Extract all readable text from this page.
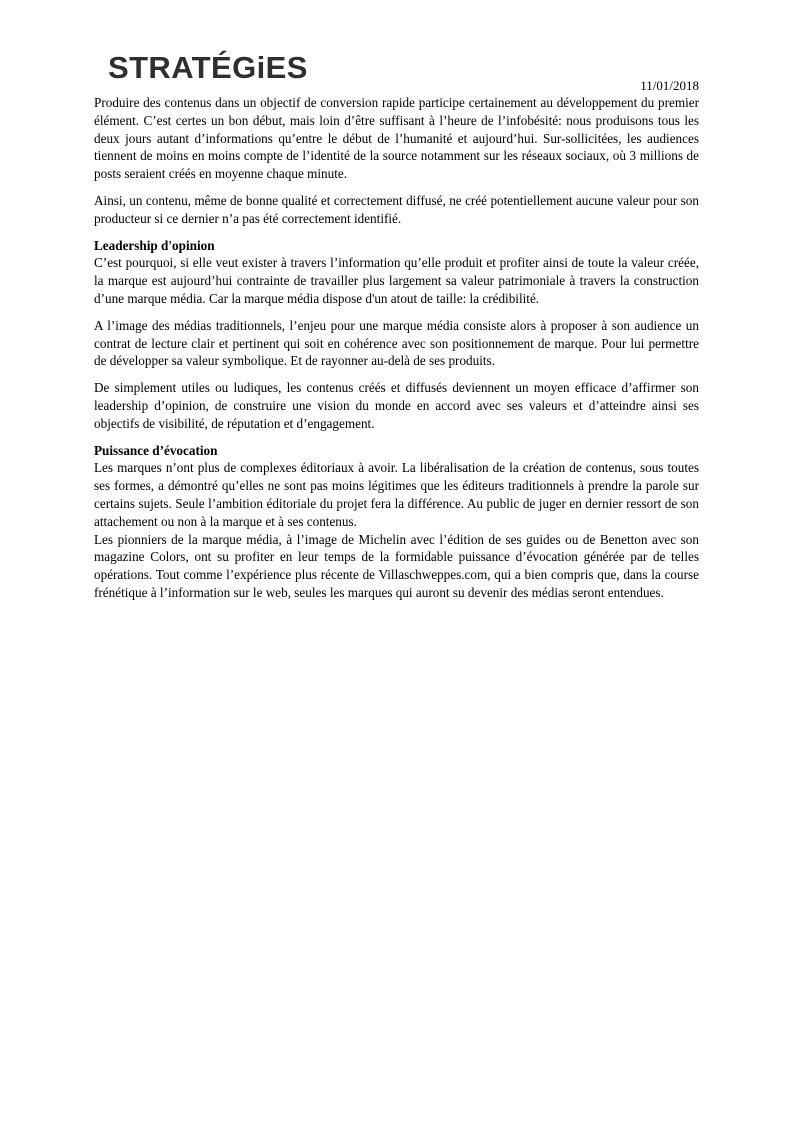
STRATÉGiES
11/01/2018

Produire des contenus dans un objectif de conversion rapide participe certainement au développement du premier élément. C’est certes un bon début, mais loin d’être suffisant à l’heure de l’infobésité: nous produisons tous les deux jours autant d’informations qu’entre le début de l’humanité et aujourd’hui. Sur-sollicitées, les audiences tiennent de moins en moins compte de l’identité de la source notamment sur les réseaux sociaux, où 3 millions de posts seraient créés en moyenne chaque minute.

Ainsi, un contenu, même de bonne qualité et correctement diffusé, ne créé potentiellement aucune valeur pour son producteur si ce dernier n’a pas été correctement identifié.

Leadership d'opinion

C’est pourquoi, si elle veut exister à travers l’information qu’elle produit et profiter ainsi de toute la valeur créée, la marque est aujourd’hui contrainte de travailler plus largement sa valeur patrimoniale à travers la construction d’une marque média. Car la marque média dispose d'un atout de taille: la crédibilité.

A l’image des médias traditionnels, l’enjeu pour une marque média consiste alors à proposer à son audience un contrat de lecture clair et pertinent qui soit en cohérence avec son positionnement de marque. Pour lui permettre de développer sa valeur symbolique. Et de rayonner au-delà de ses produits.

De simplement utiles ou ludiques, les contenus créés et diffusés deviennent un moyen efficace d’affirmer son leadership d’opinion, de construire une vision du monde en accord avec ses valeurs et d’atteindre ainsi ses objectifs de visibilité, de réputation et d’engagement.

Puissance d’évocation

Les marques n’ont plus de complexes éditoriaux à avoir. La libéralisation de la création de contenus, sous toutes ses formes, a démontré qu’elles ne sont pas moins légitimes que les éditeurs traditionnels à prendre la parole sur certains sujets. Seule l’ambition éditoriale du projet fera la différence. Au public de juger en dernier ressort de son attachement ou non à la marque et à ses contenus.

Les pionniers de la marque média, à l’image de Michelin avec l’édition de ses guides ou de Benetton avec son magazine Colors, ont su profiter en leur temps de la formidable puissance d’évocation générée par de telles opérations. Tout comme l’expérience plus récente de Villaschweppes.com, qui a bien compris que, dans la course frénétique à l’information sur le web, seules les marques qui auront su devenir des médias seront entendues.
